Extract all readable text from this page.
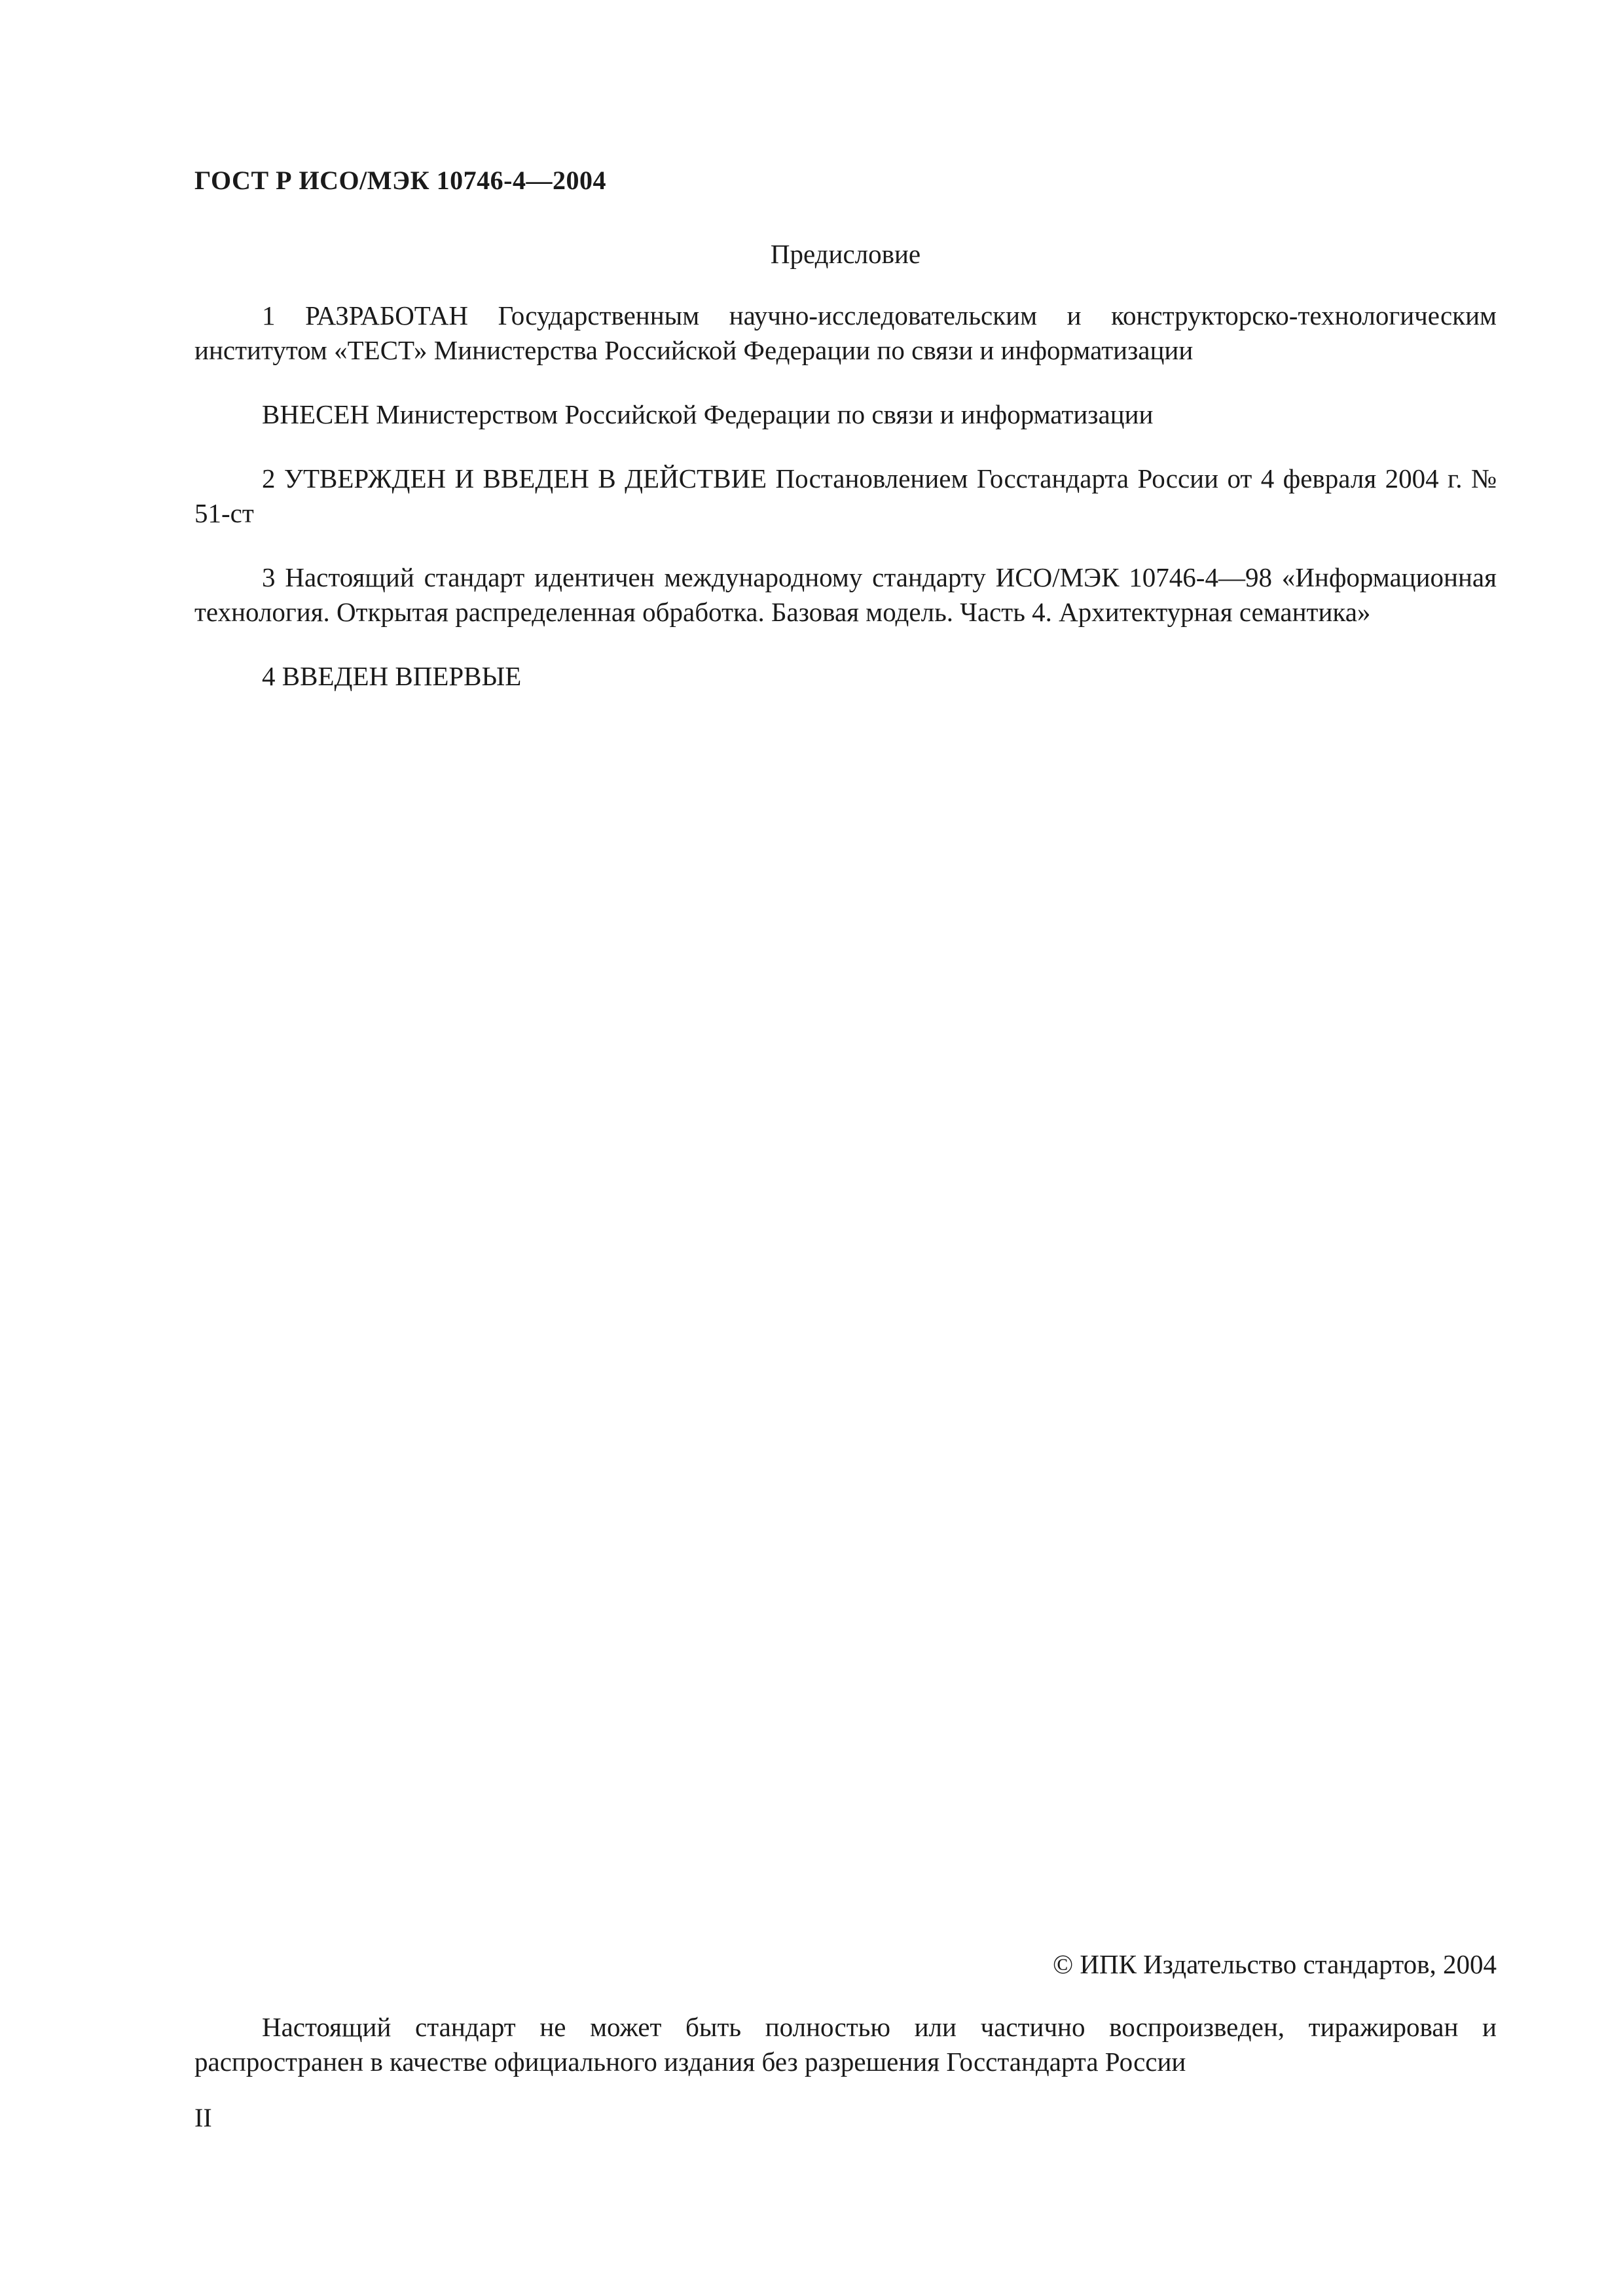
ГОСТ Р ИСО/МЭК 10746-4—2004
Предисловие

1 РАЗРАБОТАН Государственным научно-исследовательским и конструкторско-технологическим институтом «ТЕСТ» Министерства Российской Федерации по связи и информатизации

ВНЕСЕН Министерством Российской Федерации по связи и информатизации

2 УТВЕРЖДЕН И ВВЕДЕН В ДЕЙСТВИЕ Постановлением Госстандарта России от 4 февраля 2004 г. № 51-ст

3 Настоящий стандарт идентичен международному стандарту ИСО/МЭК 10746-4—98 «Информационная технология. Открытая распределенная обработка. Базовая модель. Часть 4. Архитектурная семантика»

4 ВВЕДЕН ВПЕРВЫЕ

© ИПК Издательство стандартов, 2004

Настоящий стандарт не может быть полностью или частично воспроизведен, тиражирован и распространен в качестве официального издания без разрешения Госстандарта России

II
